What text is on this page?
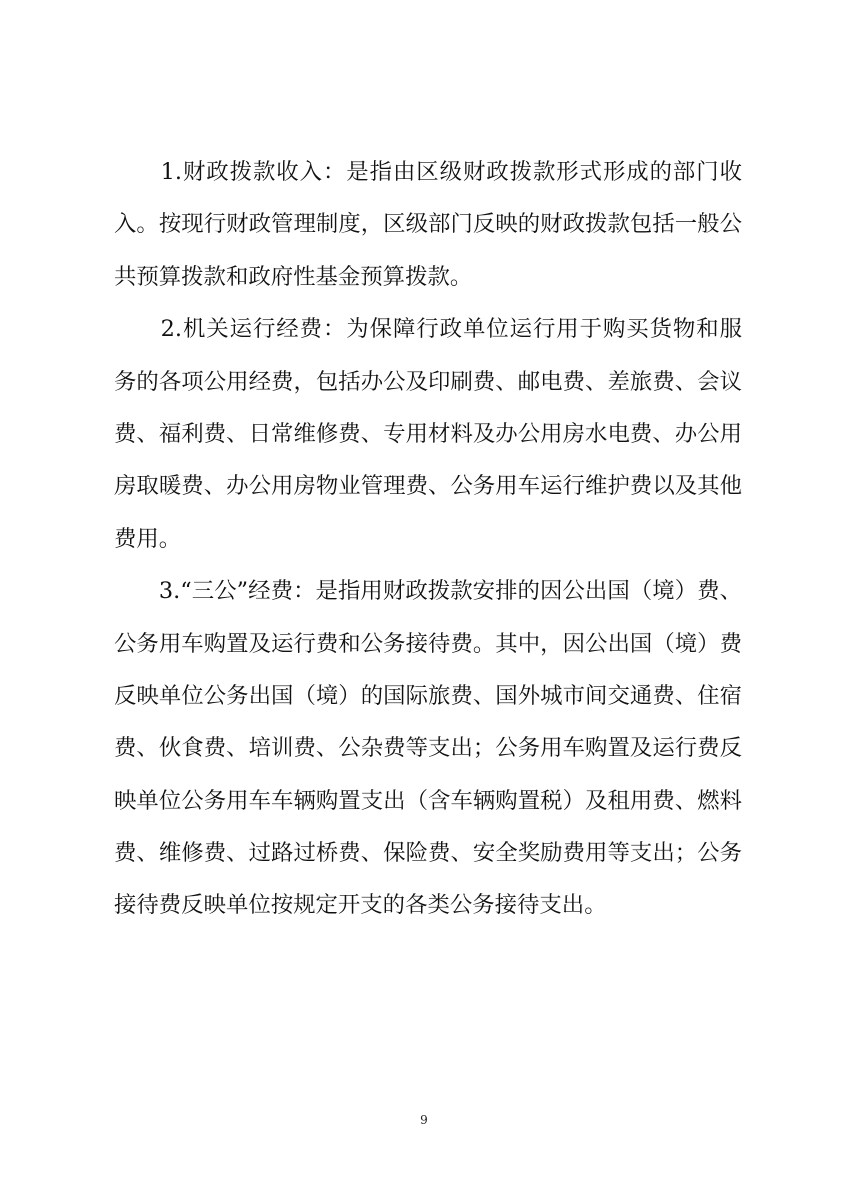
　　1.财政拨款收入：是指由区级财政拨款形式形成的部门收
入。按现行财政管理制度，区级部门反映的财政拨款包括一般公
共预算拨款和政府性基金预算拨款。
　　2.机关运行经费：为保障行政单位运行用于购买货物和服
务的各项公用经费，包括办公及印刷费、邮电费、差旅费、会议
费、福利费、日常维修费、专用材料及办公用房水电费、办公用
房取暖费、办公用房物业管理费、公务用车运行维护费以及其他
费用。
　　3.“三公”经费：是指用财政拨款安排的因公出国（境）费、
公务用车购置及运行费和公务接待费。其中，因公出国（境）费
反映单位公务出国（境）的国际旅费、国外城市间交通费、住宿
费、伙食费、培训费、公杂费等支出；公务用车购置及运行费反
映单位公务用车车辆购置支出（含车辆购置税）及租用费、燃料
费、维修费、过路过桥费、保险费、安全奖励费用等支出；公务
接待费反映单位按规定开支的各类公务接待支出。
9
